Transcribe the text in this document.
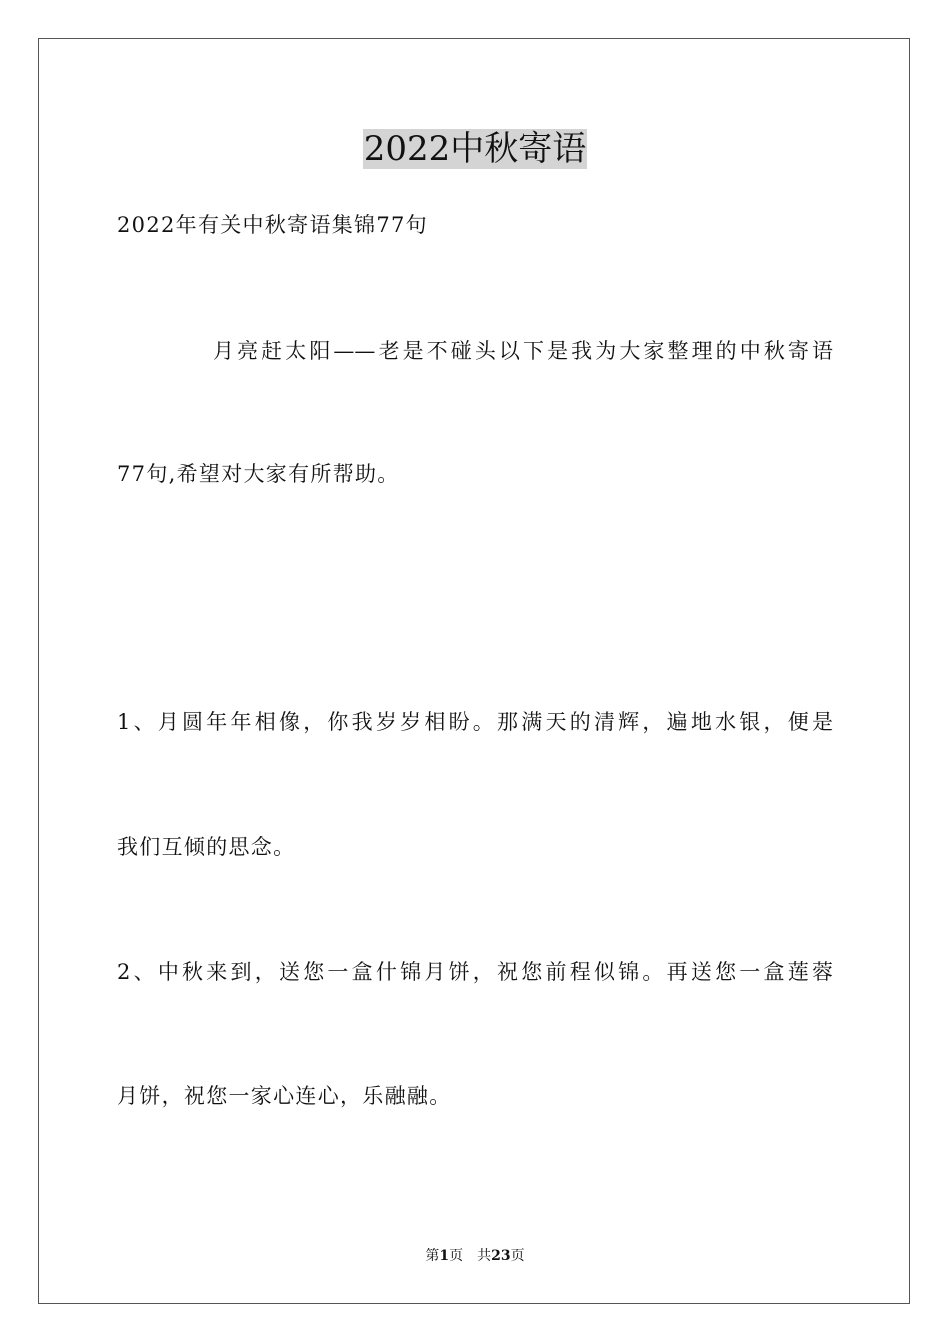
2022中秋寄语

2022年有关中秋寄语集锦77句

月亮赶太阳——老是不碰头以下是我为大家整理的中秋寄语

77句,希望对大家有所帮助。

1、月圆年年相像，你我岁岁相盼。那满天的清辉，遍地水银，便是

我们互倾的思念。

2、中秋来到，送您一盒什锦月饼，祝您前程似锦。再送您一盒莲蓉

月饼，祝您一家心连心，乐融融。

第1页 共23页
